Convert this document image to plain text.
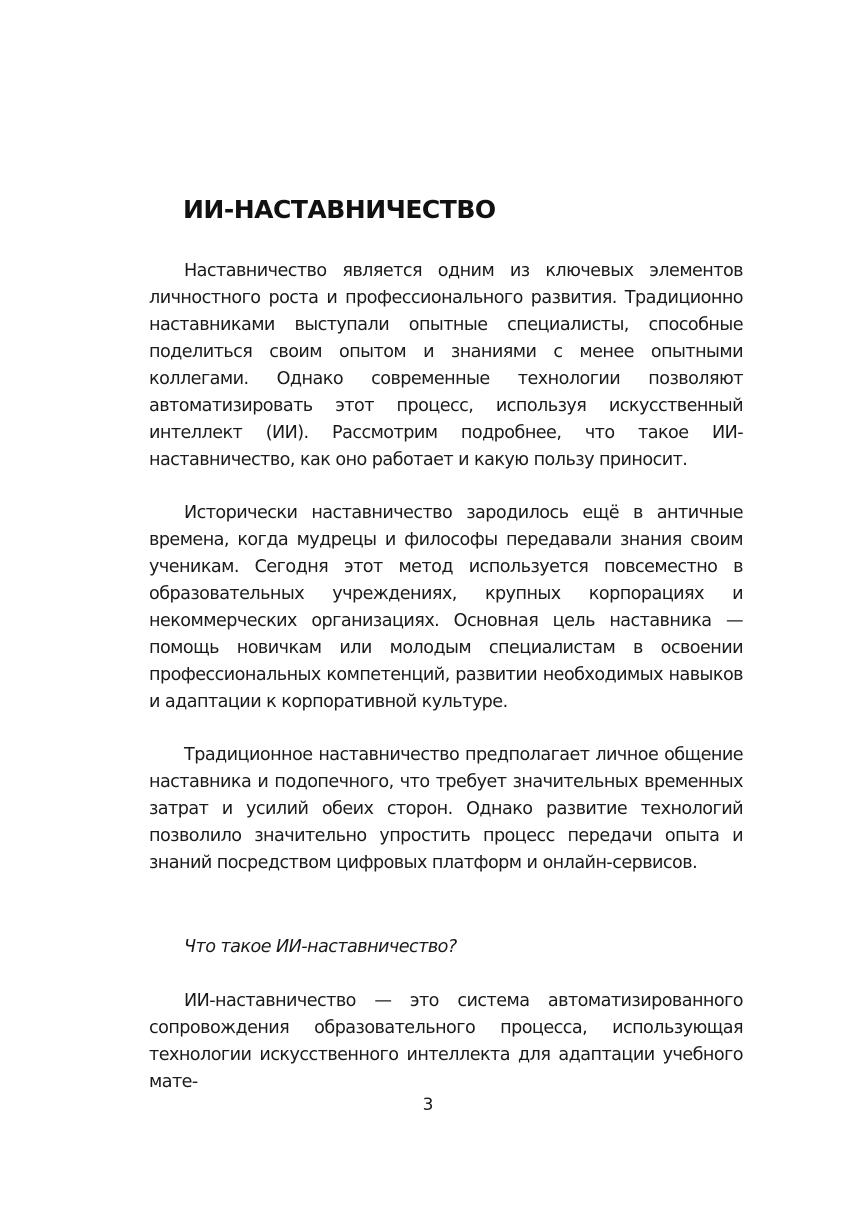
ИИ-НАСТАВНИЧЕСТВО

Наставничество является одним из ключевых элементов личностного роста и профессионального развития. Традиционно наставниками выступали опытные специалисты, способные поделиться своим опытом и знаниями с менее опытными коллегами. Однако современные технологии позволяют автоматизировать этот процесс, используя искусственный интеллект (ИИ). Рассмотрим подробнее, что такое ИИ-наставничество, как оно работает и какую пользу приносит.

Исторически наставничество зародилось ещё в античные времена, когда мудрецы и философы передавали знания своим ученикам. Сегодня этот метод используется повсеместно в образовательных учреждениях, крупных корпорациях и некоммерческих организациях. Основная цель наставника — помощь новичкам или молодым специалистам в освоении профессиональных компетенций, развитии необходимых навыков и адаптации к корпоративной культуре.

Традиционное наставничество предполагает личное общение наставника и подопечного, что требует значительных временных затрат и усилий обеих сторон. Однако развитие технологий позволило значительно упростить процесс передачи опыта и знаний посредством цифровых платформ и онлайн-сервисов.

Что такое ИИ-наставничество?

ИИ-наставничество — это система автоматизированного сопровождения образовательного процесса, использующая технологии искусственного интеллекта для адаптации учебного мате-

3
